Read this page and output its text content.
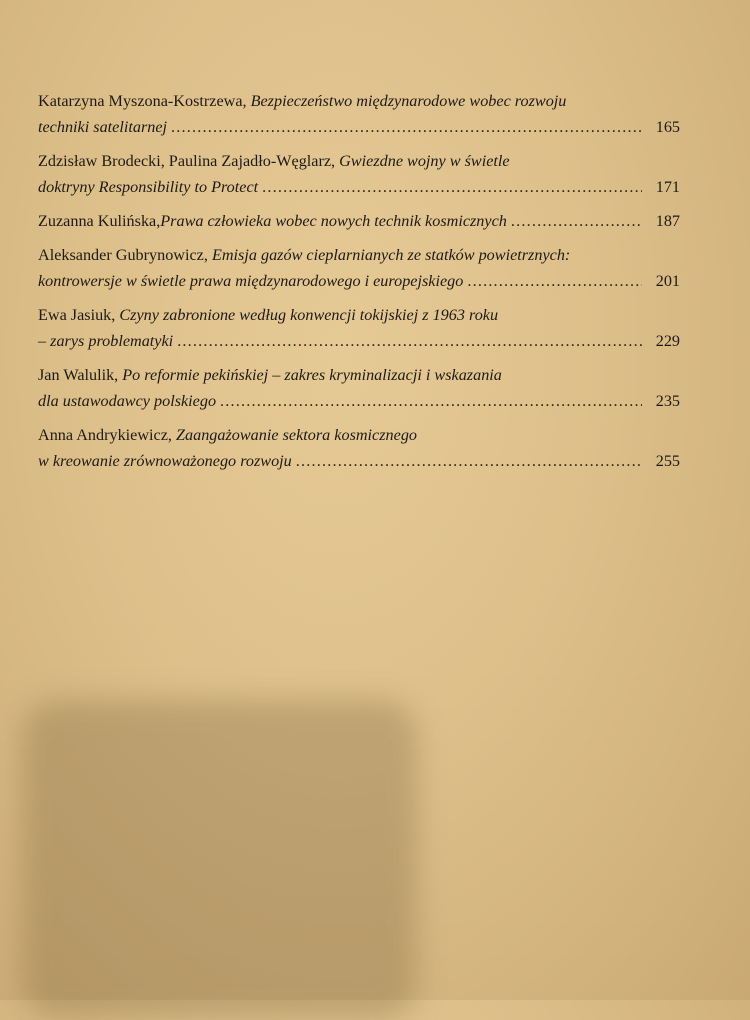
Katarzyna Myszona-Kostrzewa, Bezpieczeństwo międzynarodowe wobec rozwoju
techniki satelitarnej .....	165
Zdzisław Brodecki, Paulina Zajadło-Węglarz, Gwiezdne wojny w świetle
doktryny Responsibility to Protect .....	171
Zuzanna Kulińska, Prawa człowieka wobec nowych technik kosmicznych .....	187
Aleksander Gubrynowicz, Emisja gazów cieplarnianych ze statków powietrznych:
kontrowersje w świetle prawa międzynarodowego i europejskiego .....	201
Ewa Jasiuk, Czyny zabronione według konwencji tokijskiej z 1963 roku
– zarys problematyki .....	229
Jan Walulik, Po reformie pekińskiej – zakres kryminalizacji i wskazania
dla ustawodawcy polskiego .....	235
Anna Andrykiewicz, Zaangażowanie sektora kosmicznego
w kreowanie zrównoważonego rozwoju .....	255
